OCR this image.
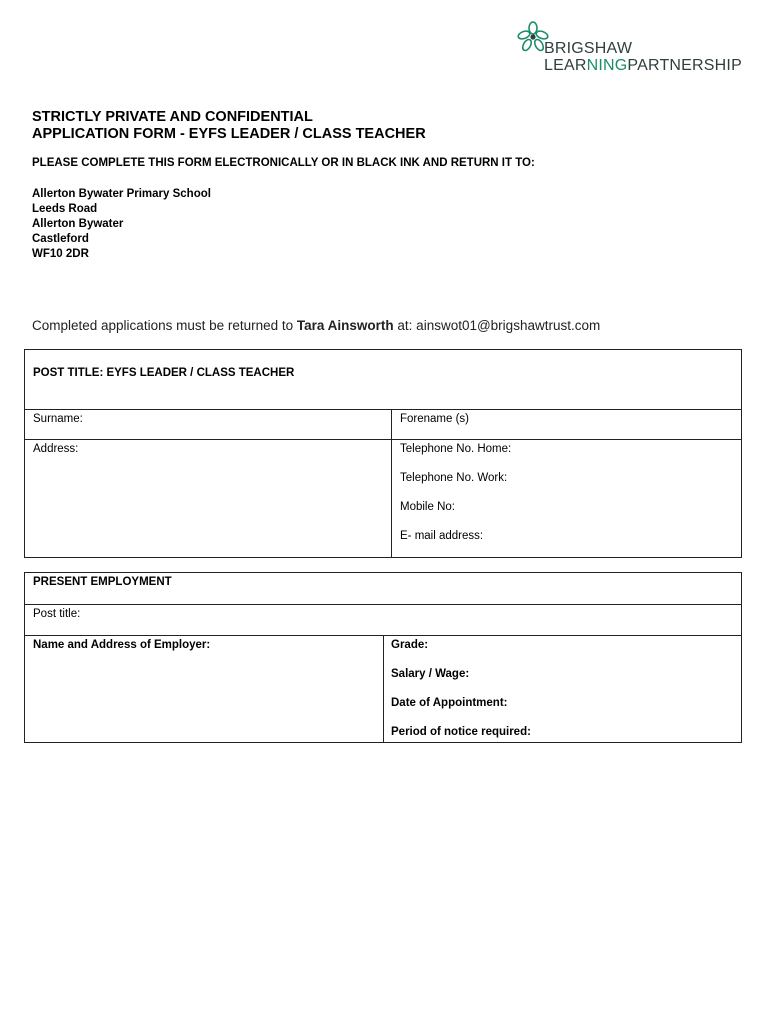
BRIGSHAW
LEARNINGPARTNERSHIP
STRICTLY PRIVATE AND CONFIDENTIAL
APPLICATION FORM - EYFS LEADER / CLASS TEACHER
PLEASE COMPLETE THIS FORM ELECTRONICALLY OR IN BLACK INK AND RETURN IT TO:
Allerton Bywater Primary School
Leeds Road
Allerton Bywater
Castleford
WF10 2DR
Completed applications must be returned to Tara Ainsworth at: ainswot01@brigshawtrust.com
POST TITLE: EYFS LEADER / CLASS TEACHER
Surname:	Forename (s)
Address:	Telephone No. Home:
Telephone No. Work:
Mobile No:
E- mail address:
PRESENT EMPLOYMENT
Post title:
Name and Address of Employer:	Grade:
Salary / Wage:
Date of Appointment:
Period of notice required:
